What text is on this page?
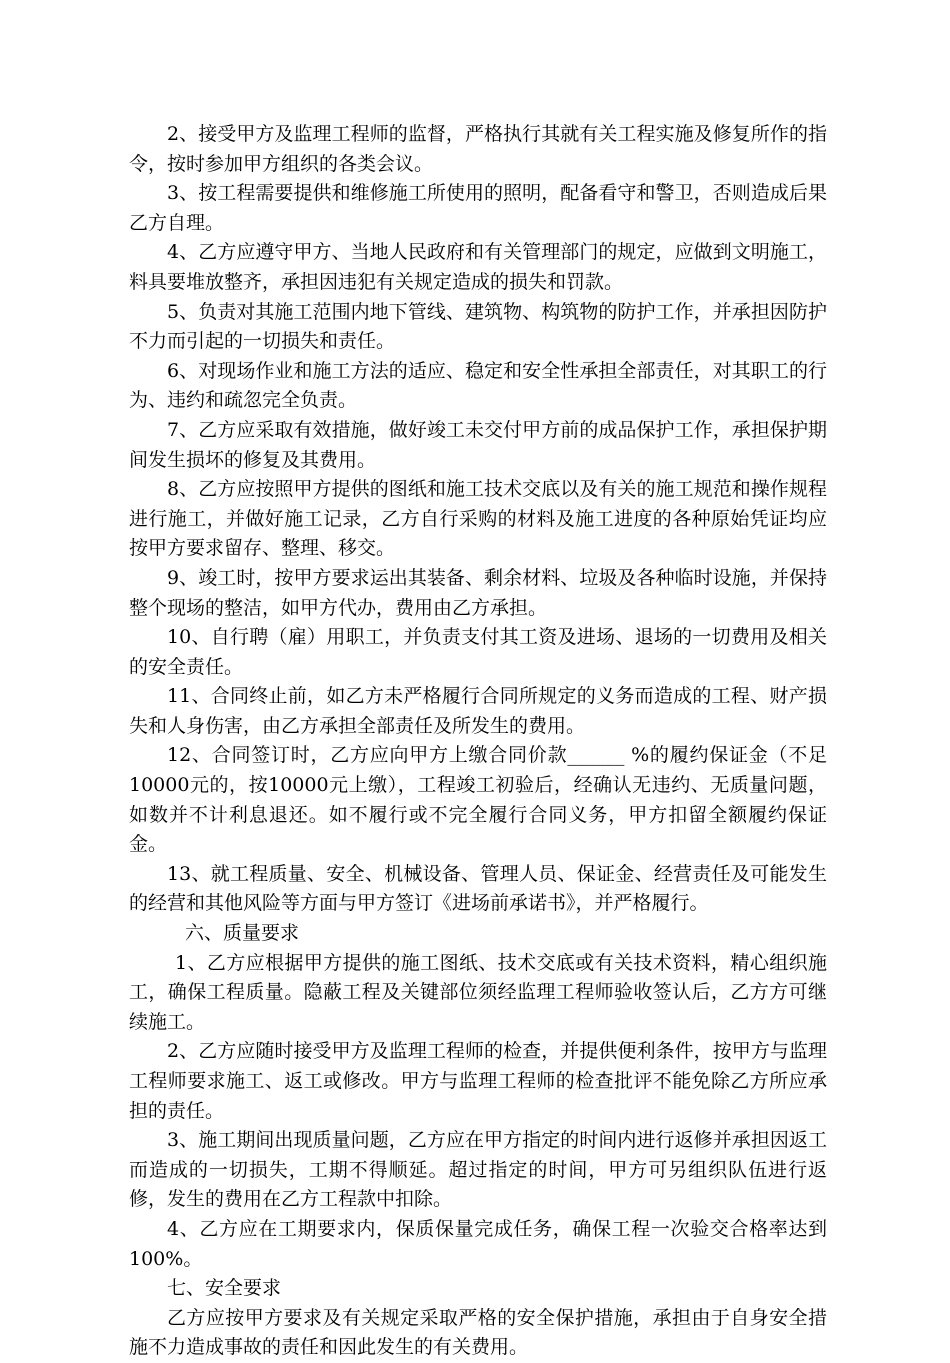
2、接受甲方及监理工程师的监督，严格执行其就有关工程实施及修复所作的指令，按时参加甲方组织的各类会议。

3、按工程需要提供和维修施工所使用的照明，配备看守和警卫，否则造成后果乙方自理。

4、乙方应遵守甲方、当地人民政府和有关管理部门的规定，应做到文明施工，料具要堆放整齐，承担因违犯有关规定造成的损失和罚款。

5、负责对其施工范围内地下管线、建筑物、构筑物的防护工作，并承担因防护不力而引起的一切损失和责任。

6、对现场作业和施工方法的适应、稳定和安全性承担全部责任，对其职工的行为、违约和疏忽完全负责。

7、乙方应采取有效措施，做好竣工未交付甲方前的成品保护工作，承担保护期间发生损坏的修复及其费用。

8、乙方应按照甲方提供的图纸和施工技术交底以及有关的施工规范和操作规程进行施工，并做好施工记录，乙方自行采购的材料及施工进度的各种原始凭证均应按甲方要求留存、整理、移交。

9、竣工时，按甲方要求运出其装备、剩余材料、垃圾及各种临时设施，并保持整个现场的整洁，如甲方代办，费用由乙方承担。

10、自行聘（雇）用职工，并负责支付其工资及进场、退场的一切费用及相关的安全责任。

11、合同终止前，如乙方未严格履行合同所规定的义务而造成的工程、财产损失和人身伤害，由乙方承担全部责任及所发生的费用。

12、合同签订时，乙方应向甲方上缴合同价款______ %的履约保证金（不足10000元的，按10000元上缴），工程竣工初验后，经确认无违约、无质量问题，如数并不计利息退还。如不履行或不完全履行合同义务，甲方扣留全额履约保证金。

13、就工程质量、安全、机械设备、管理人员、保证金、经营责任及可能发生的经营和其他风险等方面与甲方签订《进场前承诺书》，并严格履行。

六、质量要求

1、乙方应根据甲方提供的施工图纸、技术交底或有关技术资料，精心组织施工，确保工程质量。隐蔽工程及关键部位须经监理工程师验收签认后，乙方方可继续施工。

2、乙方应随时接受甲方及监理工程师的检查，并提供便利条件，按甲方与监理工程师要求施工、返工或修改。甲方与监理工程师的检查批评不能免除乙方所应承担的责任。

3、施工期间出现质量问题，乙方应在甲方指定的时间内进行返修并承担因返工而造成的一切损失，工期不得顺延。超过指定的时间，甲方可另组织队伍进行返修，发生的费用在乙方工程款中扣除。

4、乙方应在工期要求内，保质保量完成任务，确保工程一次验交合格率达到100%。

七、安全要求

乙方应按甲方要求及有关规定采取严格的安全保护措施，承担由于自身安全措施不力造成事故的责任和因此发生的有关费用。
